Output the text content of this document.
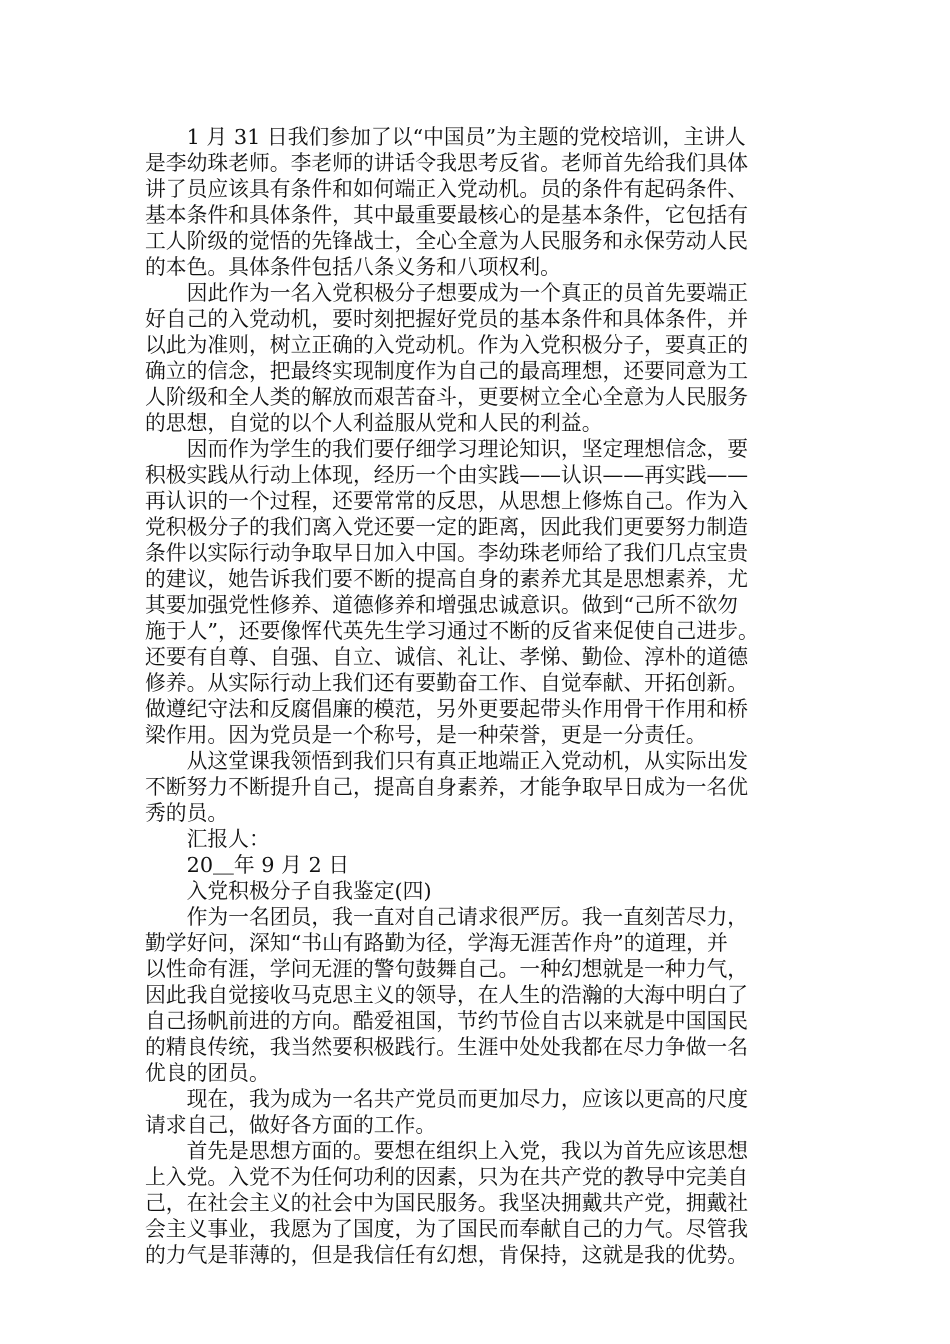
　　1 月 31 日我们参加了以“中国员”为主题的党校培训，主讲人
是李幼珠老师。李老师的讲话令我思考反省。老师首先给我们具体
讲了员应该具有条件和如何端正入党动机。员的条件有起码条件、
基本条件和具体条件，其中最重要最核心的是基本条件，它包括有
工人阶级的觉悟的先锋战士，全心全意为人民服务和永保劳动人民
的本色。具体条件包括八条义务和八项权利。
　　因此作为一名入党积极分子想要成为一个真正的员首先要端正
好自己的入党动机，要时刻把握好党员的基本条件和具体条件，并
以此为准则，树立正确的入党动机。作为入党积极分子，要真正的
确立的信念，把最终实现制度作为自己的最高理想，还要同意为工
人阶级和全人类的解放而艰苦奋斗，更要树立全心全意为人民服务
的思想，自觉的以个人利益服从党和人民的利益。
　　因而作为学生的我们要仔细学习理论知识，坚定理想信念，要
积极实践从行动上体现，经历一个由实践——认识——再实践——
再认识的一个过程，还要常常的反思，从思想上修炼自己。作为入
党积极分子的我们离入党还要一定的距离，因此我们更要努力制造
条件以实际行动争取早日加入中国。李幼珠老师给了我们几点宝贵
的建议，她告诉我们要不断的提高自身的素养尤其是思想素养，尤
其要加强党性修养、道德修养和增强忠诚意识。做到“己所不欲勿
施于人”，还要像恽代英先生学习通过不断的反省来促使自己进步。
还要有自尊、自强、自立、诚信、礼让、孝悌、勤俭、淳朴的道德
修养。从实际行动上我们还有要勤奋工作、自觉奉献、开拓创新。
做遵纪守法和反腐倡廉的模范，另外更要起带头作用骨干作用和桥
梁作用。因为党员是一个称号，是一种荣誉，更是一分责任。
　　从这堂课我领悟到我们只有真正地端正入党动机，从实际出发
不断努力不断提升自己，提高自身素养，才能争取早日成为一名优
秀的员。
　　汇报人：
　　20＿年 9 月 2 日
　　入党积极分子自我鉴定(四)
　　作为一名团员，我一直对自己请求很严厉。我一直刻苦尽力，
勤学好问，深知“书山有路勤为径，学海无涯苦作舟”的道理，并
以性命有涯，学问无涯的警句鼓舞自己。一种幻想就是一种力气，
因此我自觉接收马克思主义的领导，在人生的浩瀚的大海中明白了
自己扬帆前进的方向。酷爱祖国，节约节俭自古以来就是中国国民
的精良传统，我当然要积极践行。生涯中处处我都在尽力争做一名
优良的团员。
　　现在，我为成为一名共产党员而更加尽力，应该以更高的尺度
请求自己，做好各方面的工作。
　　首先是思想方面的。要想在组织上入党，我以为首先应该思想
上入党。入党不为任何功利的因素，只为在共产党的教导中完美自
己，在社会主义的社会中为国民服务。我坚决拥戴共产党，拥戴社
会主义事业，我愿为了国度，为了国民而奉献自己的力气。尽管我
的力气是菲薄的，但是我信任有幻想，肯保持，这就是我的优势。
